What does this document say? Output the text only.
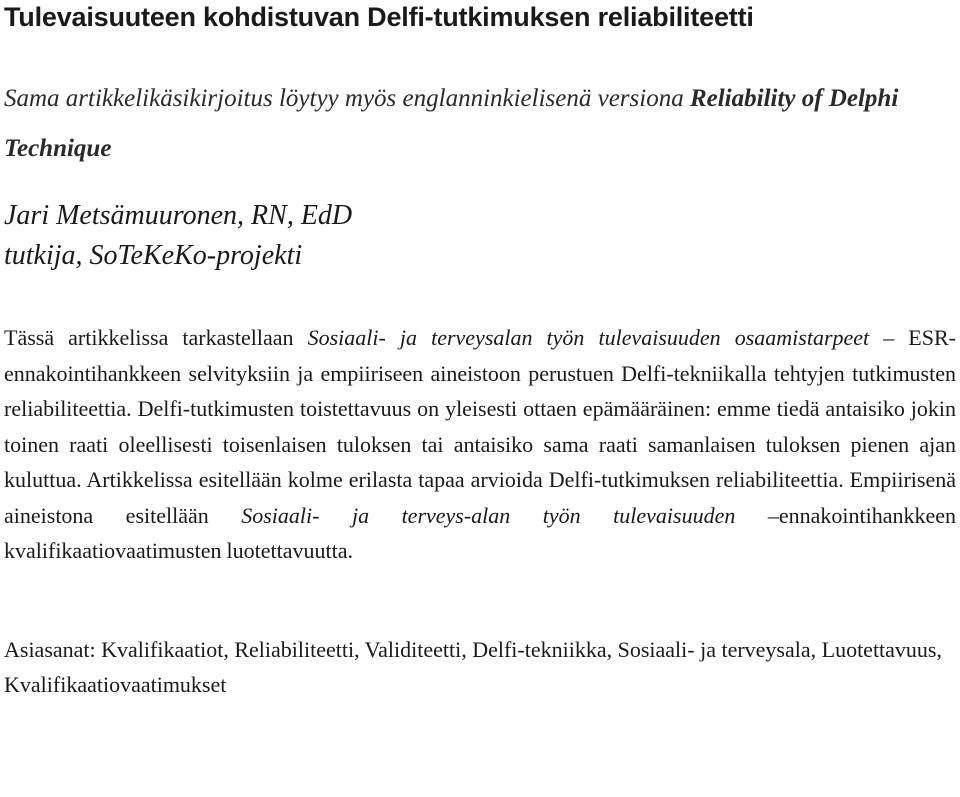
Tulevaisuuteen kohdistuvan Delfi-tutkimuksen reliabiliteetti

Sama artikkelikäsikirjoitus löytyy myös englanninkielisenä versiona Reliability of Delphi Technique

Jari Metsämuuronen, RN, EdD
tutkija, SoTeKeKo-projekti

Tässä artikkelissa tarkastellaan Sosiaali- ja terveysalan työn tulevaisuuden osaamistarpeet – ESR-ennakointihankkeen selvityksiin ja empiiriseen aineistoon perustuen Delfi-tekniikalla tehtyjen tutkimusten reliabiliteettia. Delfi-tutkimusten toistettavuus on yleisesti ottaen epämääräinen: emme tiedä antaisiko jokin toinen raati oleellisesti toisenlaisen tuloksen tai antaisiko sama raati samanlaisen tuloksen pienen ajan kuluttua. Artikkelissa esitellään kolme erilasta tapaa arvioida Delfi-tutkimuksen reliabiliteettia. Empiirisenä aineistona esitellään Sosiaali- ja terveys-alan työn tulevaisuuden –ennakointihankkeen kvalifikaatiovaatimusten luotettavuutta.

Asiasanat: Kvalifikaatiot, Reliabiliteetti, Validiteetti, Delfi-tekniikka, Sosiaali- ja terveysala, Luotettavuus, Kvalifikaatiovaatimukset
